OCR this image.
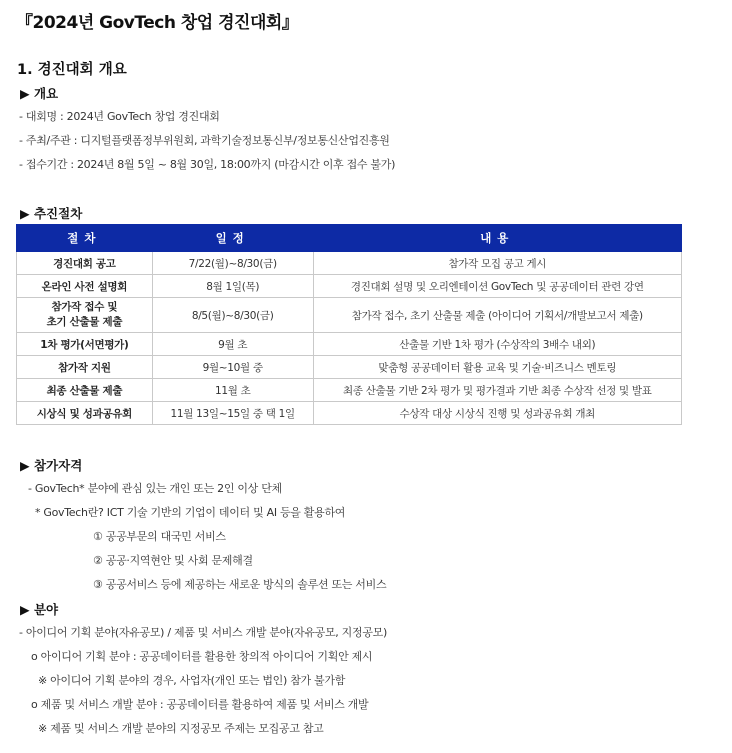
『2024년 GovTech 창업 경진대회』
1. 경진대회 개요
▶ 개요
- 대회명 : 2024년 GovTech 창업 경진대회
- 주최/주관 : 디지털플랫폼정부위원회, 과학기술정보통신부/정보통신산업진흥원
- 접수기간 : 2024년 8월 5일 ~ 8월 30일, 18:00까지 (마감시간 이후 접수 불가)
▶ 추진절차
절차	일정	내용
경진대회 공고	7/22(월)~8/30(금)	참가작 모집 공고 게시
온라인 사전 설명회	8월 1일(목)	경진대회 설명 및 오리엔테이션 GovTech 및 공공데이터 관련 강연
참가작 접수 및
초기 산출물 제출	8/5(월)~8/30(금)	참가작 접수, 초기 산출물 제출 (아이디어 기획서/개발보고서 제출)
1차 평가(서면평가)	9월 초	산출물 기반 1차 평가 (수상작의 3배수 내외)
참가작 지원	9월~10월 중	맞춤형 공공데이터 활용 교육 및 기술·비즈니스 멘토링
최종 산출물 제출	11월 초	최종 산출물 기반 2차 평가 및 평가결과 기반 최종 수상작 선정 및 발표
시상식 및 성과공유회	11월 13일~15일 중 택 1일	수상작 대상 시상식 진행 및 성과공유회 개최
▶ 참가자격
- GovTech* 분야에 관심 있는 개인 또는 2인 이상 단체
* GovTech란? ICT 기술 기반의 기업이 데이터 및 AI 등을 활용하여
① 공공부문의 대국민 서비스
② 공공·지역현안 및 사회 문제해결
③ 공공서비스 등에 제공하는 새로운 방식의 솔루션 또는 서비스
▶ 분야
- 아이디어 기획 분야(자유공모) / 제품 및 서비스 개발 분야(자유공모, 지정공모)
o 아이디어 기획 분야 : 공공데이터를 활용한 창의적 아이디어 기획안 제시
※ 아이디어 기획 분야의 경우, 사업자(개인 또는 법인) 참가 불가함
o 제품 및 서비스 개발 분야 : 공공데이터를 활용하여 제품 및 서비스 개발
※ 제품 및 서비스 개발 분야의 지정공모 주제는 모집공고 참고
